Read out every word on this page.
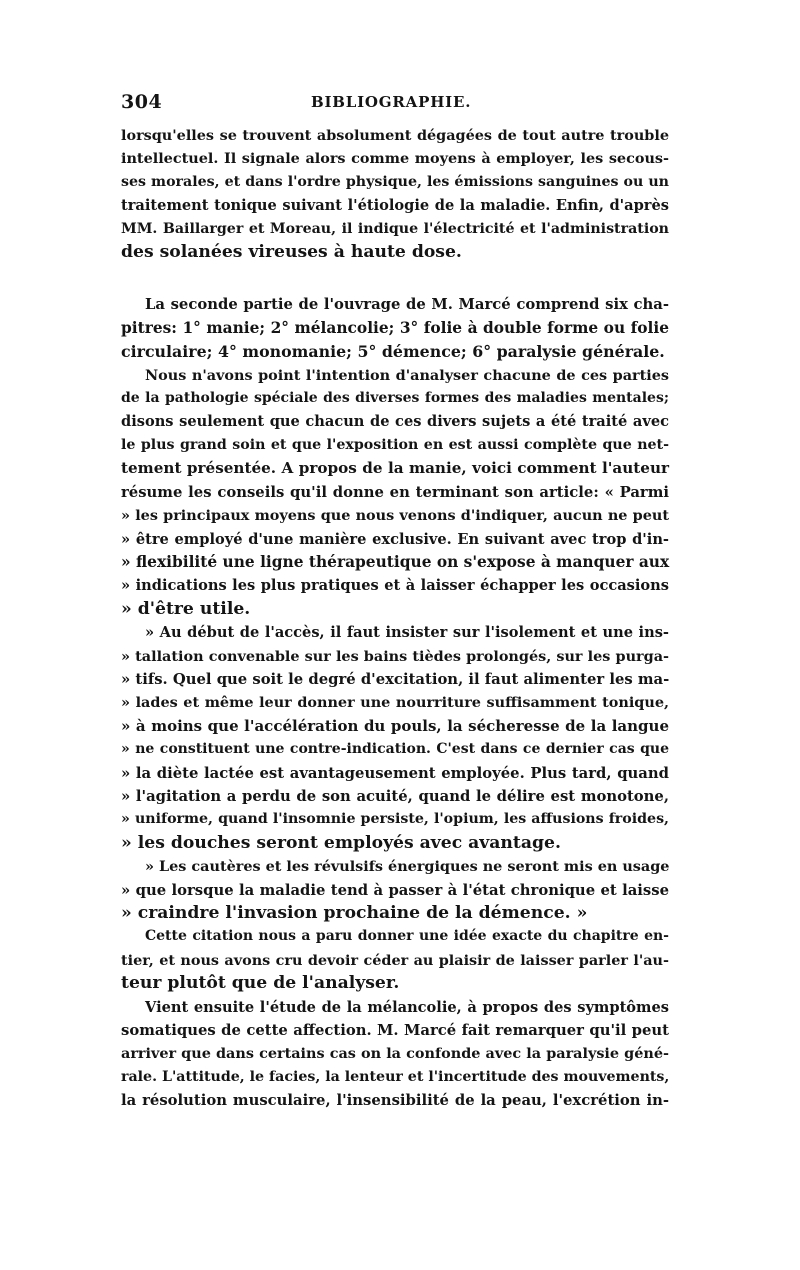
304	BIBLIOGRAPHIE.
lorsqu'elles se trouvent absolument dégagées de tout autre trouble
intellectuel. Il signale alors comme moyens à employer, les secous-
ses morales, et dans l'ordre physique, les émissions sanguines ou un
traitement tonique suivant l'étiologie de la maladie. Enfin, d'après
MM. Baillarger et Moreau, il indique l'électricité et l'administration
des solanées vireuses à haute dose.
La seconde partie de l'ouvrage de M. Marcé comprend six cha-
pitres: 1° manie; 2° mélancolie; 3° folie à double forme ou folie
circulaire; 4° monomanie; 5° démence; 6° paralysie générale.
Nous n'avons point l'intention d'analyser chacune de ces parties
de la pathologie spéciale des diverses formes des maladies mentales;
disons seulement que chacun de ces divers sujets a été traité avec
le plus grand soin et que l'exposition en est aussi complète que net-
tement présentée. A propos de la manie, voici comment l'auteur
résume les conseils qu'il donne en terminant son article: « Parmi
» les principaux moyens que nous venons d'indiquer, aucun ne peut
» être employé d'une manière exclusive. En suivant avec trop d'in-
» flexibilité une ligne thérapeutique on s'expose à manquer aux
» indications les plus pratiques et à laisser échapper les occasions
» d'être utile.
» Au début de l'accès, il faut insister sur l'isolement et une ins-
» tallation convenable sur les bains tièdes prolongés, sur les purga-
» tifs. Quel que soit le degré d'excitation, il faut alimenter les ma-
» lades et même leur donner une nourriture suffisamment tonique,
» à moins que l'accélération du pouls, la sécheresse de la langue
» ne constituent une contre-indication. C'est dans ce dernier cas que
» la diète lactée est avantageusement employée. Plus tard, quand
» l'agitation a perdu de son acuité, quand le délire est monotone,
» uniforme, quand l'insomnie persiste, l'opium, les affusions froides,
» les douches seront employés avec avantage.
» Les cautères et les révulsifs énergiques ne seront mis en usage
» que lorsque la maladie tend à passer à l'état chronique et laisse
» craindre l'invasion prochaine de la démence. »
Cette citation nous a paru donner une idée exacte du chapitre en-
tier, et nous avons cru devoir céder au plaisir de laisser parler l'au-
teur plutôt que de l'analyser.
Vient ensuite l'étude de la mélancolie, à propos des symptômes
somatiques de cette affection. M. Marcé fait remarquer qu'il peut
arriver que dans certains cas on la confonde avec la paralysie géné-
rale. L'attitude, le facies, la lenteur et l'incertitude des mouvements,
la résolution musculaire, l'insensibilité de la peau, l'excrétion in-
